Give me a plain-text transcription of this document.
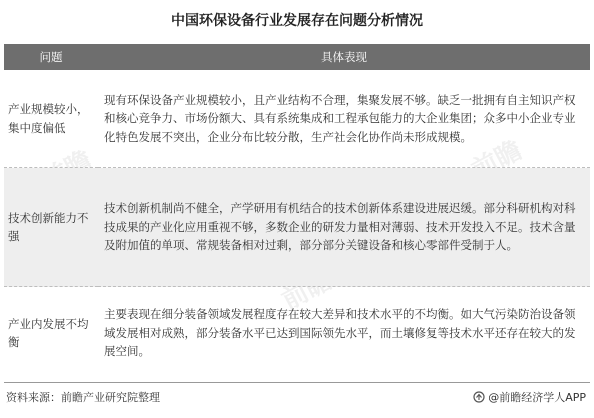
中国环保设备行业发展存在问题分析情况
前瞻
前瞻
问题	具体表现
产业规模较小，集中度偏低	现有环保设备产业规模较小，且产业结构不合理，集聚发展不够。缺乏一批拥有自主知识产权和核心竞争力、市场份额大、具有系统集成和工程承包能力的大企业集团；众多中小企业专业化特色发展不突出，企业分布比较分散，生产社会化协作尚未形成规模。
技术创新能力不强	技术创新机制尚不健全，产学研用有机结合的技术创新体系建设进展迟缓。部分科研机构对科技成果的产业化应用重视不够，多数企业的研发力量相对薄弱、技术开发投入不足。技术含量及附加值的单项、常规装备相对过剩，部分部分关键设备和核心零部件受制于人。
产业内发展不均衡	主要表现在细分装备领域发展程度存在较大差异和技术水平的不均衡。如大气污染防治设备领域发展相对成熟，部分装备水平已达到国际领先水平，而土壤修复等技术水平还存在较大的发展空间。
资料来源：前瞻产业研究院整理	@前瞻经济学人APP
